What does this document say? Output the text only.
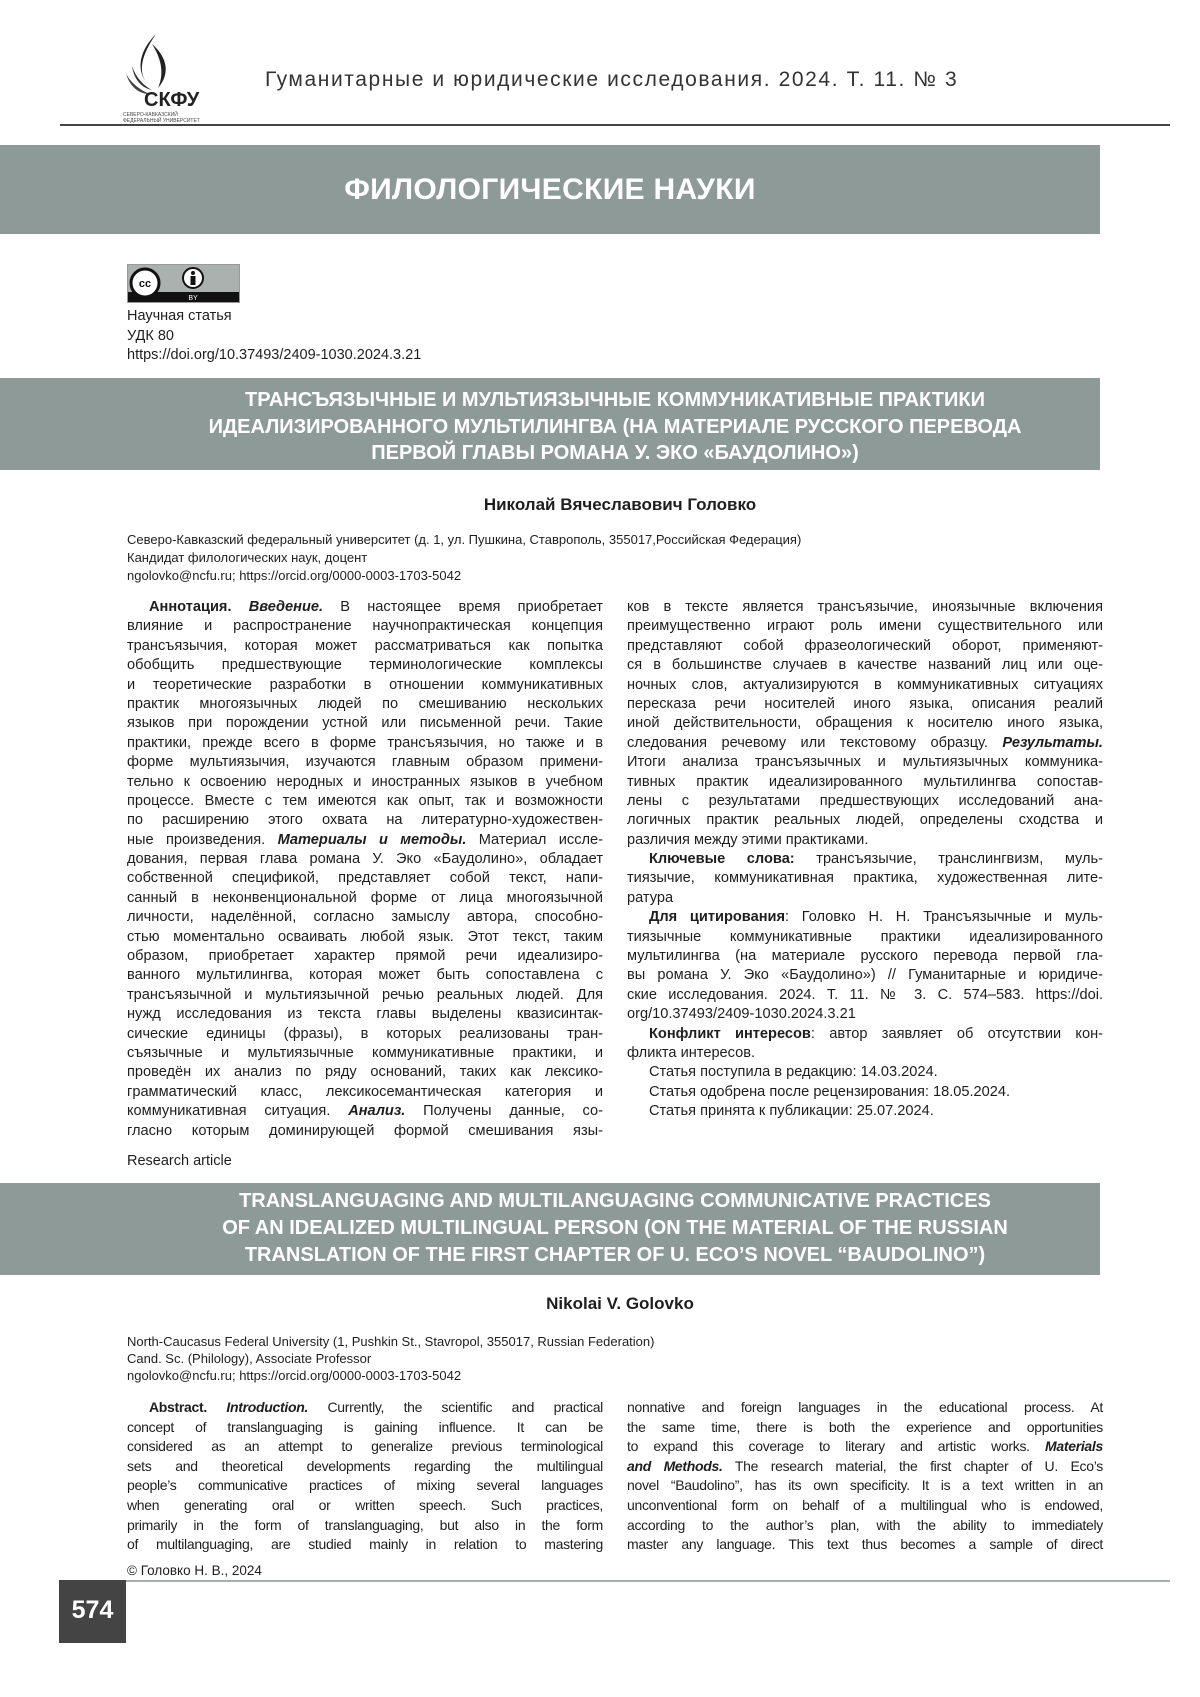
СКФУ
СЕВЕРО-КАВКАЗСКИЙ
ФЕДЕРАЛЬНЫЙ УНИВЕРСИТЕТ
Гуманитарные и юридические исследования. 2024. Т. 11. № 3
ФИЛОЛОГИЧЕСКИЕ НАУКИ
cc
BY
Научная статья
УДК 80
https://doi.org/10.37493/2409-1030.2024.3.21
ТРАНСЪЯЗЫЧНЫЕ И МУЛЬТИЯЗЫЧНЫЕ КОММУНИКАТИВНЫЕ ПРАКТИКИ
ИДЕАЛИЗИРОВАННОГО МУЛЬТИЛИНГВА (НА МАТЕРИАЛЕ РУССКОГО ПЕРЕВОДА
ПЕРВОЙ ГЛАВЫ РОМАНА У. ЭКО «БАУДОЛИНО»)
Николай Вячеславович Головко
Северо-Кавказский федеральный университет (д. 1, ул. Пушкина, Ставрополь, 355017,Российская Федерация)
Кандидат филологических наук, доцент
ngolovko@ncfu.ru; https://orcid.org/0000-0003-1703-5042
Аннотация. Введение. В настоящее время приобретает
влияние и распространение научнопрактическая концепция
трансъязычия, которая может рассматриваться как попытка
обобщить предшествующие терминологические комплексы
и теоретические разработки в отношении коммуникативных
практик многоязычных людей по смешиванию нескольких
языков при порождении устной или письменной речи. Такие
практики, прежде всего в форме трансъязычия, но также и в
форме мультиязычия, изучаются главным образом примени-
тельно к освоению неродных и иностранных языков в учебном
процессе. Вместе с тем имеются как опыт, так и возможности
по расширению этого охвата на литературно-художествен-
ные произведения. Материалы и методы. Материал иссле-
дования, первая глава романа У. Эко «Баудолино», обладает
собственной спецификой, представляет собой текст, напи-
санный в неконвенциональной форме от лица многоязычной
личности, наделённой, согласно замыслу автора, способно-
стью моментально осваивать любой язык. Этот текст, таким
образом, приобретает характер прямой речи идеализиро-
ванного мультилингва, которая может быть сопоставлена с
трансъязычной и мультиязычной речью реальных людей. Для
нужд исследования из текста главы выделены квазисинтак-
сические единицы (фразы), в которых реализованы тран-
съязычные и мультиязычные коммуникативные практики, и
проведён их анализ по ряду оснований, таких как лексико-
грамматический класс, лексикосемантическая категория и
коммуникативная ситуация. Анализ. Получены данные, со-
гласно которым доминирующей формой смешивания язы-
ков в тексте является трансъязычие, иноязычные включения
преимущественно играют роль имени существительного или
представляют собой фразеологический оборот, применяют-
ся в большинстве случаев в качестве названий лиц или оце-
ночных слов, актуализируются в коммуникативных ситуациях
пересказа речи носителей иного языка, описания реалий
иной действительности, обращения к носителю иного языка,
следования речевому или текстовому образцу. Результаты.
Итоги анализа трансъязычных и мультиязычных коммуника-
тивных практик идеализированного мультилингва сопостав-
лены с результатами предшествующих исследований ана-
логичных практик реальных людей, определены сходства и
различия между этими практиками.
Ключевые слова: трансъязычие, транслингвизм, муль-
тиязычие, коммуникативная практика, художественная лите-
ратура
Для цитирования: Головко Н. Н. Трансъязычные и муль-
тиязычные коммуникативные практики идеализированного
мультилингва (на материале русского перевода первой гла-
вы романа У. Эко «Баудолино») // Гуманитарные и юридиче-
ские исследования. 2024. Т. 11. № 3. С. 574–583. https://doi.
org/10.37493/2409-1030.2024.3.21
Конфликт интересов: автор заявляет об отсутствии кон-
фликта интересов.
Статья поступила в редакцию: 14.03.2024.
Статья одобрена после рецензирования: 18.05.2024.
Статья принята к публикации: 25.07.2024.
Research article
TRANSLANGUAGING AND MULTILANGUAGING COMMUNICATIVE PRACTICES
OF AN IDEALIZED MULTILINGUAL PERSON (ON THE MATERIAL OF THE RUSSIAN
TRANSLATION OF THE FIRST CHAPTER OF U. ECO’S NOVEL “BAUDOLINO”)
Nikolai V. Golovko
North-Caucasus Federal University (1, Pushkin St., Stavropol, 355017, Russian Federation)
Cand. Sc. (Philology), Associate Professor
ngolovko@ncfu.ru; https://orcid.org/0000-0003-1703-5042
Abstract. Introduction. Currently, the scientific and practical
concept of translanguaging is gaining influence. It can be
considered as an attempt to generalize previous terminological
sets and theoretical developments regarding the multilingual
people’s communicative practices of mixing several languages
when generating oral or written speech. Such practices,
primarily in the form of translanguaging, but also in the form
of multilanguaging, are studied mainly in relation to mastering
nonnative and foreign languages in the educational process. At
the same time, there is both the experience and opportunities
to expand this coverage to literary and artistic works. Materials
and Methods. The research material, the first chapter of U. Eco’s
novel “Baudolino”, has its own specificity. It is a text written in an
unconventional form on behalf of a multilingual who is endowed,
according to the author’s plan, with the ability to immediately
master any language. This text thus becomes a sample of direct
© Головко Н. В., 2024
574
